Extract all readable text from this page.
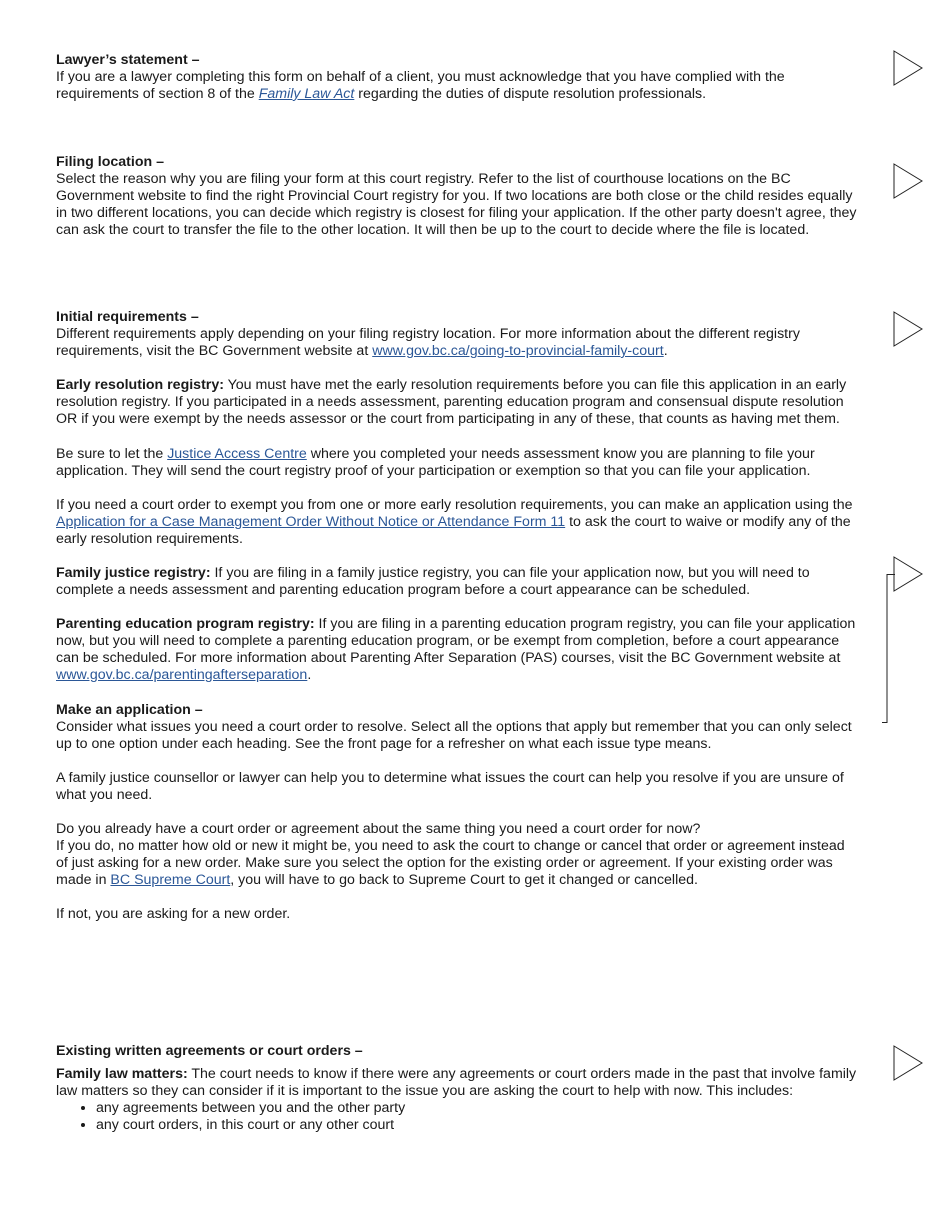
Lawyer’s statement –

If you are a lawyer completing this form on behalf of a client, you must acknowledge that you have complied with the requirements of section 8 of the Family Law Act regarding the duties of dispute resolution professionals.

Filing location –

Select the reason why you are filing your form at this court registry. Refer to the list of courthouse locations on the BC Government website to find the right Provincial Court registry for you. If two locations are both close or the child resides equally in two different locations, you can decide which registry is closest for filing your application. If the other party doesn't agree, they can ask the court to transfer the file to the other location. It will then be up to the court to decide where the file is located.

Initial requirements –

Different requirements apply depending on your filing registry location. For more information about the different registry requirements, visit the BC Government website at www.gov.bc.ca/going-to-provincial-family-court.

Early resolution registry: You must have met the early resolution requirements before you can file this application in an early resolution registry. If you participated in a needs assessment, parenting education program and consensual dispute resolution OR if you were exempt by the needs assessor or the court from participating in any of these, that counts as having met them.

Be sure to let the Justice Access Centre where you completed your needs assessment know you are planning to file your application. They will send the court registry proof of your participation or exemption so that you can file your application.

If you need a court order to exempt you from one or more early resolution requirements, you can make an application using the Application for a Case Management Order Without Notice or Attendance Form 11 to ask the court to waive or modify any of the early resolution requirements.

Family justice registry: If you are filing in a family justice registry, you can file your application now, but you will need to complete a needs assessment and parenting education program before a court appearance can be scheduled.

Parenting education program registry: If you are filing in a parenting education program registry, you can file your application now, but you will need to complete a parenting education program, or be exempt from completion, before a court appearance can be scheduled. For more information about Parenting After Separation (PAS) courses, visit the BC Government website at www.gov.bc.ca/parentingafterseparation.

Make an application –

Consider what issues you need a court order to resolve. Select all the options that apply but remember that you can only select up to one option under each heading. See the front page for a refresher on what each issue type means.

A family justice counsellor or lawyer can help you to determine what issues the court can help you resolve if you are unsure of what you need.

Do you already have a court order or agreement about the same thing you need a court order for now?

If you do, no matter how old or new it might be, you need to ask the court to change or cancel that order or agreement instead of just asking for a new order. Make sure you select the option for the existing order or agreement. If your existing order was made in BC Supreme Court, you will have to go back to Supreme Court to get it changed or cancelled.

If not, you are asking for a new order.

Existing written agreements or court orders –

Family law matters: The court needs to know if there were any agreements or court orders made in the past that involve family law matters so they can consider if it is important to the issue you are asking the court to help with now. This includes:

• any agreements between you and the other party
• any court orders, in this court or any other court
